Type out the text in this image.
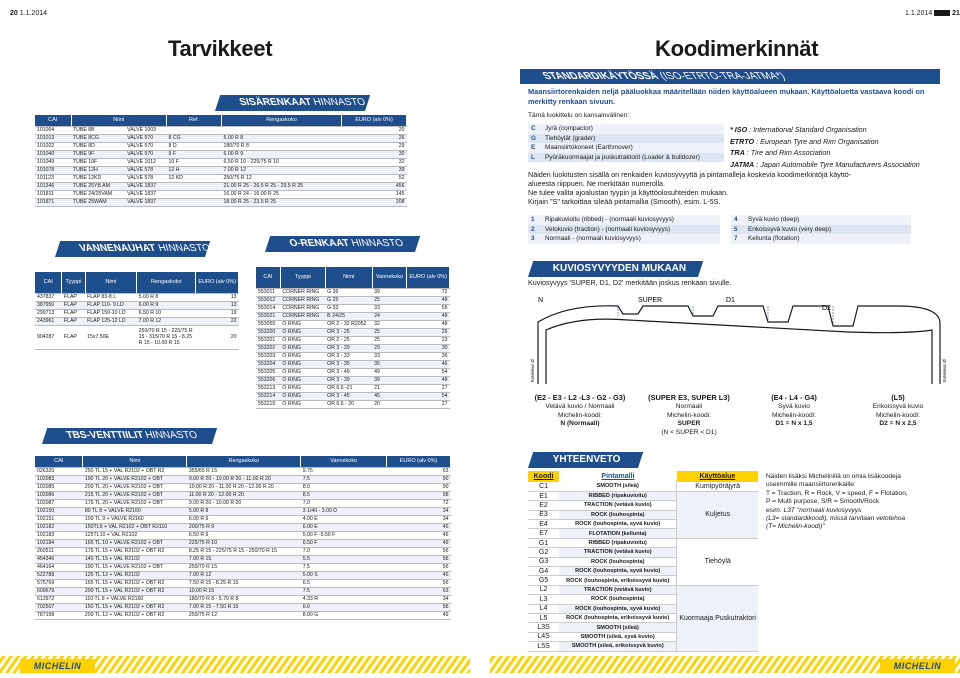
20 1.1.2014
Tarvikkeet
SISÄRENKAAT HINNASTO
CAI	Nimi		Ref.	Rengaskoko	EURO (alv 0%)
101004	TUBE 8B	VALVE 1003			20
101013	TUBE 8CG	VALVE 570	8 CG	5.00 R 8	26
101022	TUBE 8D	VALVE 570	8 D	180/70 R 8	29
101040	TUBE 9F	VALVE 570	9 F	6.00 R 9	30
101049	TUBE 10F	VALVE 1012	10 F	6.50 R 10 - 225/75 R 10	32
101078	TUBE 12H	VALVE 578	12 H	7.00 R 12	39
101123	TUBE 12KD	VALVE 578	12 KD	250/75 R 12	52
101346	TUBE 25YB AM	VALVE 1837		21.00 R 25 - 26.5 R 25 - 29.5 R 25	456
101811	TUBE 24/25VAM	VALVE 1837		16.00 R 24 - 16.00 R 25	145
101871	TUBE 25WAM	VALVE 1837		18.00 R 25 - 23.5 R 25	208
VANNENAUHAT HINNASTO
CAI	Tyyppi	Nimi	Rengaskoko	EURO (alv 0%)
437837	FLAP	FLAP 83-8 L	5.00 R 8	13
387950	FLAP	FLAP 110- 9 LD	6.00 R 9	13
299713	FLAP	FLAP 150-10 LD	6.50 R 10	19
243961	FLAP	FLAP 125-12 LD	7.00 R 12	22
904287	FLAP	15x7.50E	250/70 R 15 - 225/75 R 15 - 315/70 R 15 - 8.25 R 15 - 10.00 R 15	20
O-RENKAAT HINNASTO
CAI	Tyyppi	Nimi	Vannekoko	EURO (alv 0%)
553011	CORNER RING	G 39	39	72
553012	CORNER RING	G 25	25	48
553014	CORNER RING	G 33	33	55
553021	CORNER RING	B 24/25	24	48
553055	O RING	OR 2 - 32 R2052	32	48
553200	O RING	OR 3 - 25	25	26
553201	O RING	OR 2 - 25	25	23
553202	O RING	OR 3 - 29	29	30
553203	O RING	OR 3 - 33	33	36
553204	O RING	OR 3 - 35	35	46
553205	O RING	OR 3 - 49	49	54
553206	O RING	OR 3 - 39	39	48
553213	O RING	OR 6.6 -21	21	27
553214	O RING	OR 3 - 45	45	54
553215	O RING	OR 6.6 - 20	20	27
TBS-VENTTIILIT HINNASTO
CAI	Nimi	Rengaskoko	Vannekoko	EURO (alv 0%)
026320	250 TL 15 + VAL R2102 + OBT R2	355/65 R 15	9.75	63
102083	190 TL 20 + VALVE R2102 + OBT	9.00 R 20 - 10.00 R 20 - 11.00 R 20	7.5	90
102085	200 TL 20 + VALVE R2102 + OBT	10.00 R 20 - 11.00 R 20 - 12.00 R 20	8.0	90
102086	215 TL 20 + VALVE R2102 + OBT	11.00 R 20 - 12.00 R 20	8.5	98
102087	175 TL 20 + VALVE R2102 + OBT	9.00 R 20 - 10.00 R 20	7.0	72
102150	80 TL 8 + VALVE R2160	5.00 R 8	3 1/4II - 3.00 D	34
102151	100 TL 9 + VALVE R2160	6.00 R 9	4.00 E	34
102182	150TL9 + VAL R2102 + OBT R2110	200/75 R 9	6.00 E	46
102183	125TL10 + VAL R2102	6.50 R 9	5.00 F -5.50 F	46
102184	165 TL 10 + VALVE R2102 + OBT	225/75 R 10	6.50 F	49
260511	175 TL 15 + VAL R2102 + OBT R2	8.25 R 15 - 225/75 R 15 - 250/70 R 15	7.0	56
454346	140 TL 15 + VAL R2102	7.00 R 15	5.5	56
464164	190 TL 15 + VALVE R2102 + OBT	250/70 R 15	7.5	56
522788	125 TL 12 + VAL R2102	7.00 R 12	5.00 S	46
575769	165 TL 15 + VAL R2102 + OBT R2	7.50 R 15 - 8.25 R 15	6.5	56
609679	200 TL 15 + VAL R2102 + OBT R2	10.00 R 15	7.5	63
613972	110 TL 8 + VALVE R2160	180/70 R 8 - 5.70 R 8	4.33 R	34
702507	150 TL 15 + VAL R2102 + OBT R2	7.00 R 15 - 7.50 R 15	6.0	56
787198	200 TL 12 + VAL R2102 + OBT R2	250/75 R 12	8.00 G	49
MICHELIN
1.1.2014	21
Koodimerkinnät
STANDARDIKÄYTÖSSÄ (ISO-ETRTO-TRA-JATMA*)
Maansiirtorenkaiden neljä pääluokkaa määritellään niiden käyttöalueen mukaan. Käyttöaluetta vastaava koodi on merkitty renkaan sivuun.
Tämä luokittelu on kansainvälinen:
C	Jyrä (compactor)
G	Tiehöylät (grader)
E	Maansiirtokoneet (Earthmover)
L	Pyöräkuormaajat ja puskutraktorit (Loader & bulldozer)
* ISO : International Standard Organisation
ETRTO : European Tyre and Rim Organisation
TRA : Tire and Rim Association
JATMA : Japan Automobile Tyre Manufacturers Association
Näiden luokitusten sisällä on renkaiden kuviosyvyyttä ja pintamalleja koskevia koodimerkintöjä käyttö-
alueesta riippuen. Ne merkitään numerolla.
Ne tulee valita ajoalustan tyypin ja käyttöolosuhteiden mukaan.
Kirjain "S" tarkoittaa sileää pintamallia (Smooth), esim. L-5S.
1	Ripakuvioitu (ribbed) - (normaali kuviosyvyys)
2	Vetokuvio (traction) - (normaali kuviosyvyys)
3	Normaali - (normaali kuviosyvyys)
4	Syvä kuvio (deep)
5	Erikoissyvä kuvio (very deep)
7	Kellunta (flotation)
KUVIOSYVYYDEN MUKAAN
Kuviosyvyys 'SUPER, D1, D2' merkitään joskus renkaan sivulle.
N	SUPER	D1
D2
Extérieur Ø	Extérieur Ø
(E2 - E3 - L2 -L3 - G2 - G3)
Vetävä kuvio / Normaali
Michelin-koodi:
N (Normaali)
(SUPER E3, SUPER L3)
Normaali
Michelin-koodi:
SUPER
(N < SUPER < D1)
(E4 - L4 - G4)
Syvä kuvio
Michelin-koodi:
D1 = N x 1,5
(L5)
Erikoissyvä kuvio
Michelin-koodi:
D2 = N x 2,5
YHTEENVETO
Koodi	Pintamalli	Käyttöalue
C1	SMOOTH (sileä)	Kumipyöräjyrä
E1	RIBBED (ripakuvioitu)	Kuljetus
E2	TRACTION (vetävä kuvio)	
E3	ROCK (louhospinta)	
E4	ROCK (louhospinta, syvä kuvio)	
E7	FLOTATION (kellunta)	
G1	RIBBED (ripakuvioitu)	Tiehöylä
G2	TRACTION (vetävä kuvio)	
G3	ROCK (louhospinta)	
G4	ROCK (louhospinta, syvä kuvio)	
G5	ROCK (louhospinta, erikoissyvä kuvio)	
L2	TRACTION (vetävä kuvio)	Kuormaaja Puskutraktori
L3	ROCK (louhospinta)	
L4	ROCK (louhospinta, syvä kuvio)	
L5	ROCK (louhospinta, erikoissyvä kuvio)	
L3S	SMOOTH (sileä)	
L4S	SMOOTH (sileä, syvä kuvio)	
L5S	SMOOTH (sileä, erikoissyvä kuvio)	
Näiden lisäksi Michelinillä on omia lisäkoodeja
useimmille maansiirtorenkaille:
T = Traction, R = Rock, V = speed, F = Flotation,
P = Multi purpose, S/R = Smooth/Rock
esim. L3T "normaali kuviosyvyys
(L3= standardikoodi), missä tarvitaan vetotehoa
(T= Michelin-koodi)"
MICHELIN
